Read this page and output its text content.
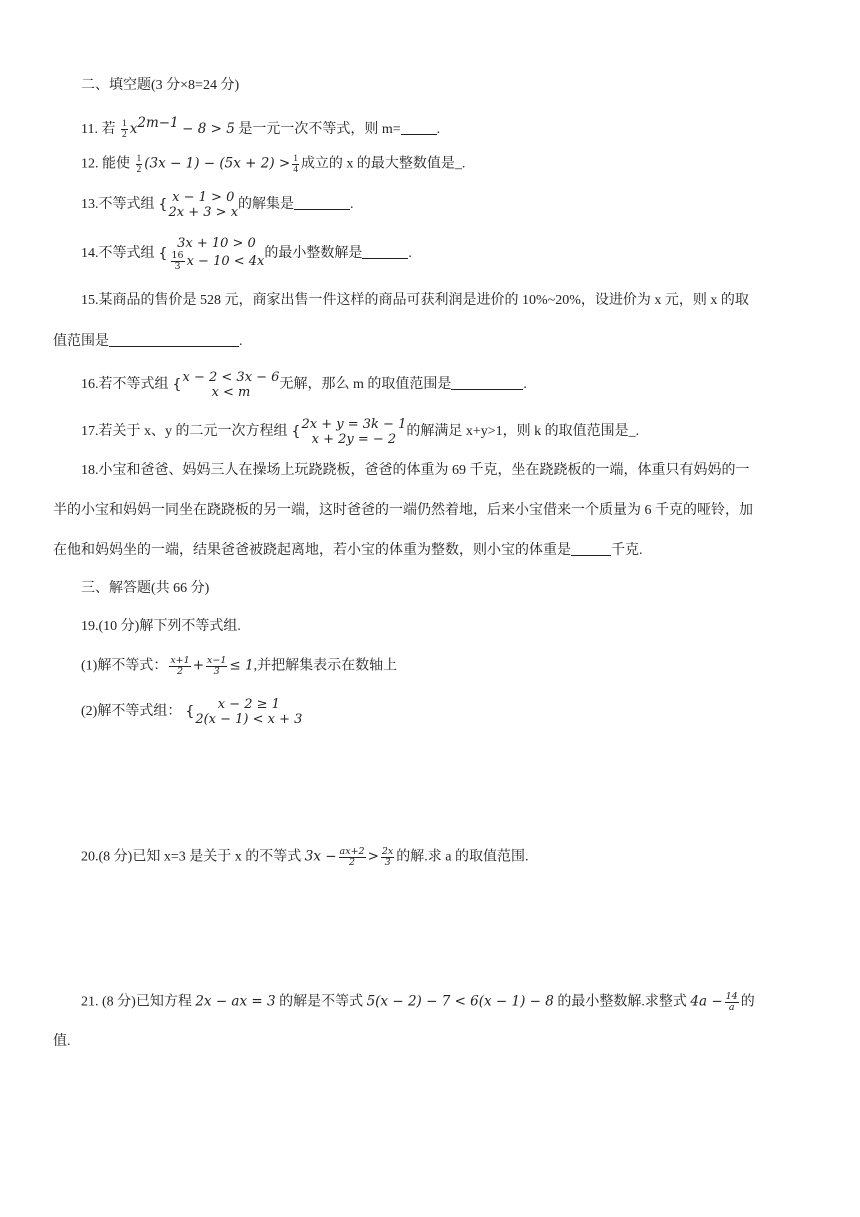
二、填空题(3 分×8=24 分)
11. 若 $\frac{1}{2} x^{2m-1} - 8 > 5$ 是一元一次不等式，则 m=	.
12. 能使 $\frac{1}{2} (3x - 1) - (5x + 2) > \frac{1}{4}$ 成立的 x 的最大整数值是_.
13.不等式组 { x − 1 > 0
2x + 3 > x
的解集是	.
14.不等式组 {
3x + 10 > 0
$\frac{16}{3}$ x − 10 < 4x
的最小整数解是	.
15.某商品的售价是 528 元，商家出售一件这样的商品可获利润是进价的 10%~20%，设进价为 x 元，则 x 的取
值范围是	.
16.若不等式组 { x − 2 < 3x − 6
x < m
无解，那么 m 的取值范围是	.
17.若关于 x、y 的二元一次方程组 { 2x + y = 3k − 1
x + 2y = − 2
的解满足 x+y>1，则 k 的取值范围是_.
18.小宝和爸爸、妈妈三人在操场上玩跷跷板，爸爸的体重为 69 千克，坐在跷跷板的一端，体重只有妈妈的一
半的小宝和妈妈一同坐在跷跷板的另一端，这时爸爸的一端仍然着地，后来小宝借来一个质量为 6 千克的哑铃，加
在他和妈妈坐的一端，结果爸爸被跷起离地，若小宝的体重为整数，则小宝的体重是	千克.
三、解答题(共 66 分)
19.(10 分)解下列不等式组.
(1)解不等式： $\frac{x+1}{2} + \frac{x-1}{3} \le 1$,并把解集表示在数轴上
(2)解不等式组： {	x − 2 ≥ 1
2(x − 1) < x + 3
20.(8 分)已知 x=3 是关于 x 的不等式 $3x - \frac{ax+2}{2} > \frac{2x}{3}$ 的解.求 a 的取值范围.
21. (8 分)已知方程 2x − ax = 3 的解是不等式 5(x − 2) − 7 < 6(x − 1) − 8 的最小整数解.求整式 $4a - \frac{14}{a}$ 的
值.
